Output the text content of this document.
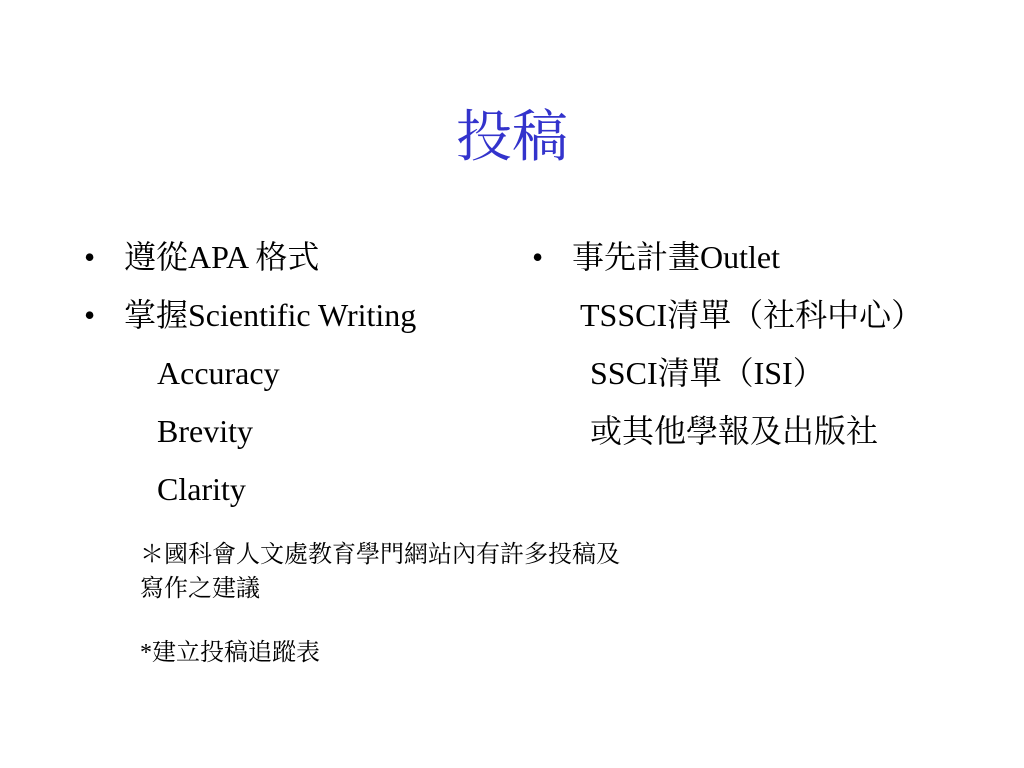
投稿
• 遵從APA 格式
• 掌握Scientific Writing
Accuracy
Brevity
Clarity
• 事先計畫Outlet
TSSCI清單（社科中心）
SSCI清單（ISI）
或其他學報及出版社
＊國科會人文處教育學門網站內有許多投稿及
寫作之建議
*建立投稿追蹤表
